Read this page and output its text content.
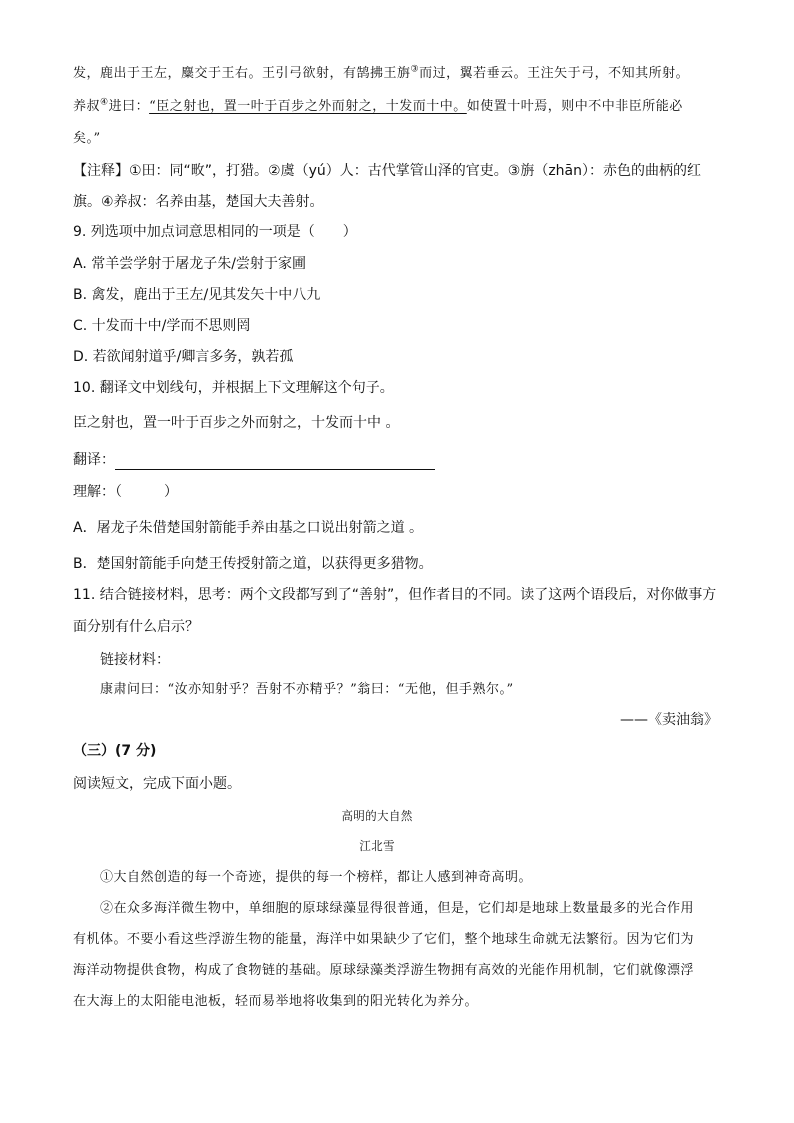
发，鹿出于王左，麋交于王右。王引弓欲射，有鹄拂王旃③而过，翼若垂云。王注矢于弓，不知其所射。
养叔④进曰：“臣之射也，置一叶于百步之外而射之，十发而十中。如使置十叶焉，则中不中非臣所能必
矣。”
【注释】①田：同“畋”，打猎。②虞（yú）人：古代掌管山泽的官吏。③旃（zhān）：赤色的曲柄的红
旗。④养叔：名养由基，楚国大夫善射。
9. 列选项中加点词意思相同的一项是（　　）
A. 常羊尝学射于屠龙子朱/尝射于家圃
B. 禽发，鹿出于王左/见其发矢十中八九
C. 十发而十中/学而不思则罔
D. 若欲闻射道乎/卿言多务，孰若孤
10. 翻译文中划线句，并根据上下文理解这个句子。
臣之射也，置一叶于百步之外而射之，十发而十中 。
翻译：
理解：（　　　）
A．屠龙子朱借楚国射箭能手养由基之口说出射箭之道 。
B．楚国射箭能手向楚王传授射箭之道，以获得更多猎物。
11. 结合链接材料，思考：两个文段都写到了“善射”，但作者目的不同。读了这两个语段后，对你做事方
面分别有什么启示？
链接材料：
康肃问曰：“汝亦知射乎？吾射不亦精乎？”翁曰：“无他，但手熟尔。”
——《卖油翁》
（三）(7 分)
阅读短文，完成下面小题。
高明的大自然
江北雪
①大自然创造的每一个奇迹，提供的每一个榜样，都让人感到神奇高明。
②在众多海洋微生物中，单细胞的原球绿藻显得很普通，但是，它们却是地球上数量最多的光合作用
有机体。不要小看这些浮游生物的能量，海洋中如果缺少了它们，整个地球生命就无法繁衍。因为它们为
海洋动物提供食物，构成了食物链的基础。原球绿藻类浮游生物拥有高效的光能作用机制，它们就像漂浮
在大海上的太阳能电池板，轻而易举地将收集到的阳光转化为养分。
